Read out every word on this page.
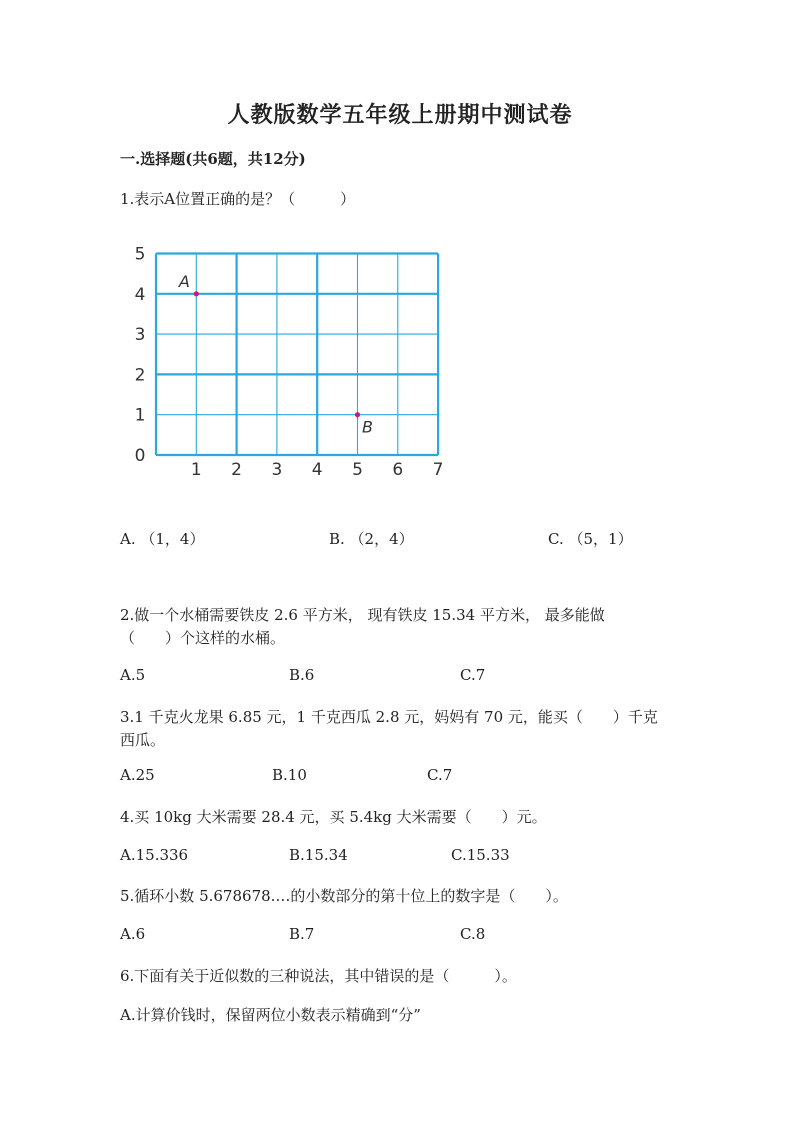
人教版数学五年级上册期中测试卷
一.选择题(共6题，共12分)
1.表示A位置正确的是？（　　　）
1 2 3 4 5 6 7
0
1
2
3
4
5
A
B
A. （1，4）	B. （2，4）	C. （5，1）
2.做一个水桶需要铁皮 2.6 平方米， 现有铁皮 15.34 平方米， 最多能做
（　　）个这样的水桶。
A.5	B.6	C.7
3.1 千克火龙果 6.85 元，1 千克西瓜 2.8 元，妈妈有 70 元，能买（　　）千克
西瓜。
A.25	B.10	C.7
4.买 10kg 大米需要 28.4 元，买 5.4kg 大米需要（　　）元。
A.15.336	B.15.34	C.15.33
5.循环小数 5.678678.…的小数部分的第十位上的数字是（　　）。
A.6	B.7	C.8
6.下面有关于近似数的三种说法，其中错误的是（　　　）。
A.计算价钱时，保留两位小数表示精确到“分”
